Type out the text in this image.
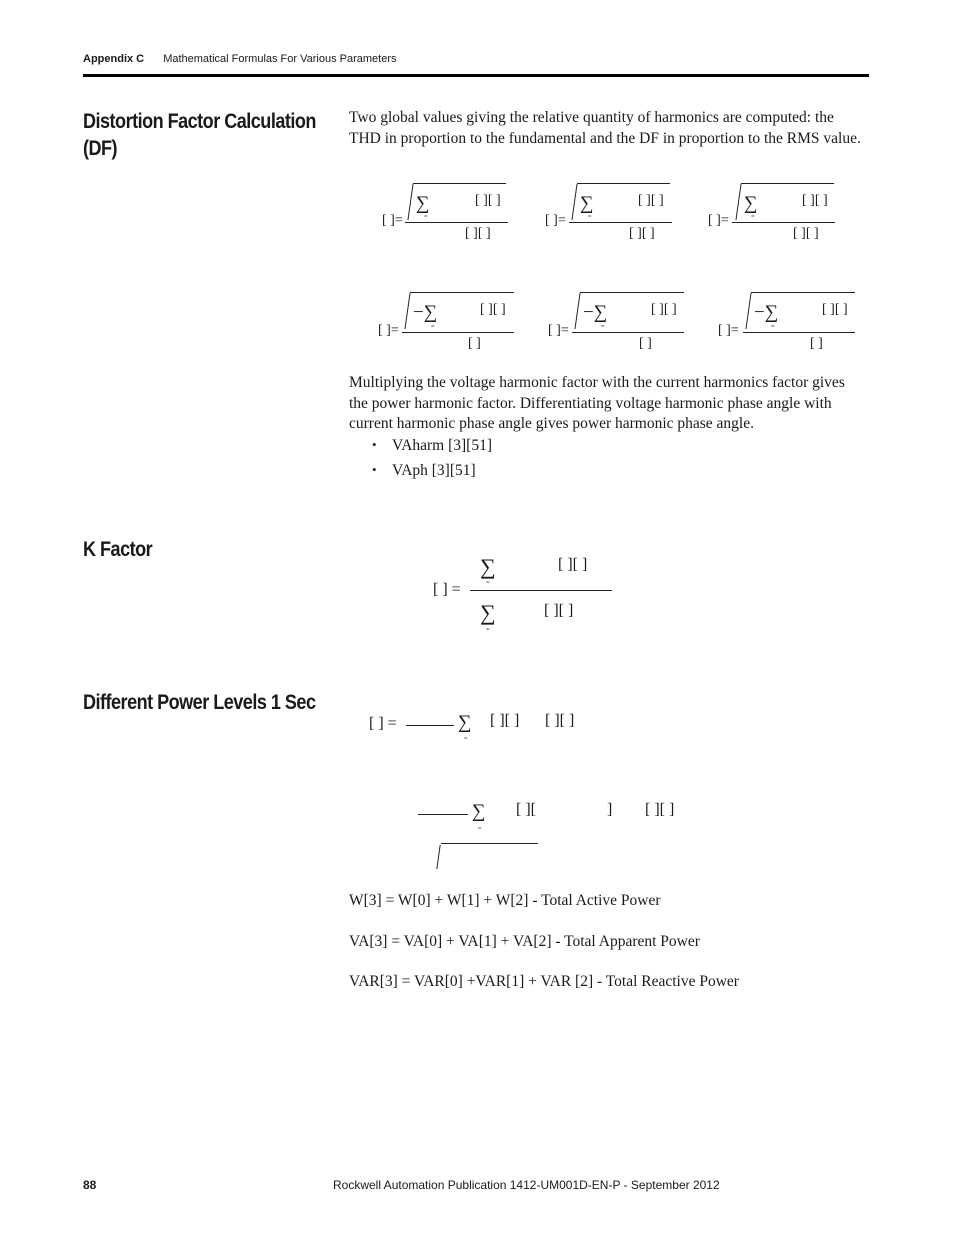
Appendix C Mathematical Formulas For Various Parameters
Distortion Factor Calculation (DF)
Two global values giving the relative quantity of harmonics are computed: the THD in proportion to the fundamental and the DF in proportion to the RMS value.
[ ]=
∑	[ ][ ]
=
[ ][ ]
[ ]=
∑	[ ][ ]
=
[ ][ ]
[ ]=
∑	[ ][ ]
=
[ ][ ]
[ ]=
−∑	[ ][ ]
=
[ ]
[ ]=
−∑	[ ][ ]
=
[ ]
[ ]=
−∑	[ ][ ]
=
[ ]
Multiplying the voltage harmonic factor with the current harmonics factor gives the power harmonic factor. Differentiating voltage harmonic phase angle with current harmonic phase angle gives power harmonic phase angle.
• VAharm [3][51]
• VAph [3][51]
K Factor
[ ] =
∑	[ ][ ]
=
∑	[ ][ ]
=
Different Power Levels 1 Sec
[ ] =	∑
=
[ ][ ] [ ][ ]
∑
=
[ ][	] [ ][ ]
W[3] = W[0] + W[1] + W[2] - Total Active Power
VA[3] = VA[0] + VA[1] + VA[2] - Total Apparent Power
VAR[3] = VAR[0] +VAR[1] + VAR [2] - Total Reactive Power
88	Rockwell Automation Publication 1412-UM001D-EN-P - September 2012
